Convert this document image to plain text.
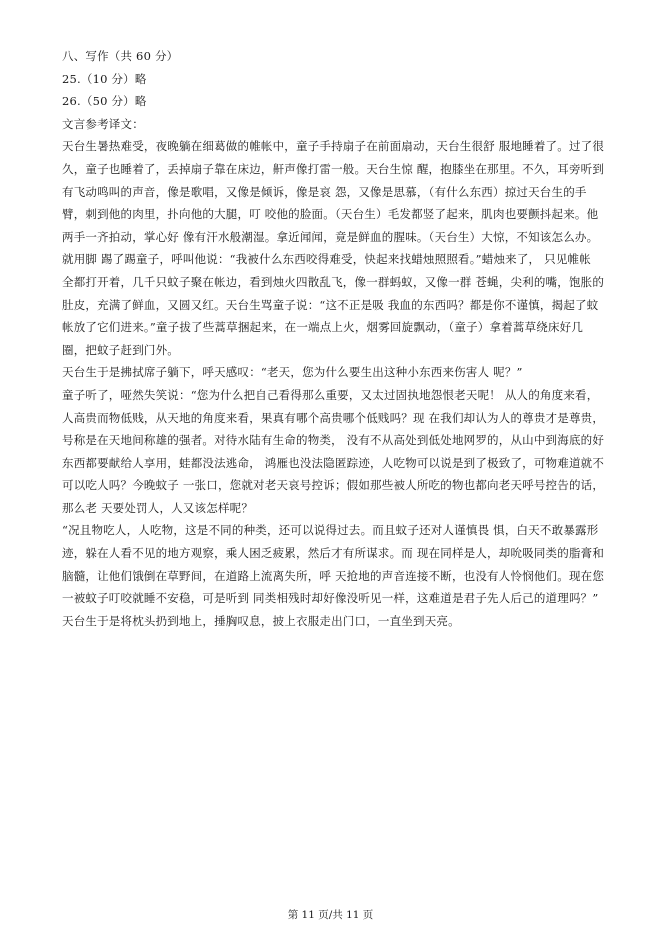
八、写作（共 60 分）
25.（10 分）略
26.（50 分）略
文言参考译文：
天台生暑热难受，夜晚躺在细葛做的帷帐中，童子手持扇子在前面扇动，天台生很舒 服地睡着了。过了很
久，童子也睡着了，丢掉扇子靠在床边，鼾声像打雷一般。天台生惊 醒，抱膝坐在那里。不久，耳旁听到
有飞动鸣叫的声音，像是歌唱，又像是倾诉，像是哀 怨，又像是思慕，（有什么东西）掠过天台生的手
臂，刺到他的肉里，扑向他的大腿，叮 咬他的脸面。（天台生）毛发都竖了起来，肌肉也要颤抖起来。他
两手一齐拍动，掌心好 像有汗水般潮湿。拿近闻闻，竟是鲜血的腥味。（天台生）大惊，不知该怎么办。
就用脚 踢了踢童子，呼叫他说：“我被什么东西咬得难受，快起来找蜡烛照照看。”蜡烛来了， 只见帷帐
全都打开着，几千只蚊子聚在帐边，看到烛火四散乱飞，像一群蚂蚁，又像一群 苍蝇，尖利的嘴，饱胀的
肚皮，充满了鲜血，又圆又红。天台生骂童子说：“这不正是吸 我血的东西吗？都是你不谨慎，揭起了蚊
帐放了它们进来。”童子拔了些蒿草捆起来，在一端点上火，烟雾回旋飘动，（童子）拿着蒿草绕床好几
圈，把蚊子赶到门外。
天台生于是拂拭席子躺下，呼天感叹：“老天，您为什么要生出这种小东西来伤害人 呢？”
童子听了，哑然失笑说：“您为什么把自己看得那么重要，又太过固执地怨恨老天呢！ 从人的角度来看，
人高贵而物低贱，从天地的角度来看，果真有哪个高贵哪个低贱吗？现 在我们却认为人的尊贵才是尊贵，
号称是在天地间称雄的强者。对待水陆有生命的物类， 没有不从高处到低处地网罗的，从山中到海底的好
东西都要献给人享用，蛙都没法逃命， 鸿雁也没法隐匿踪迹，人吃物可以说是到了极致了，可物难道就不
可以吃人吗？今晚蚊子 一张口，您就对老天哀号控诉；假如那些被人所吃的物也都向老天呼号控告的话，
那么老 天要处罚人，人又该怎样呢？
“况且物吃人，人吃物，这是不同的种类，还可以说得过去。而且蚊子还对人谨慎畏 惧，白天不敢暴露形
迹，躲在人看不见的地方观察，乘人困乏疲累，然后才有所谋求。而 现在同样是人，却吮吸同类的脂膏和
脑髓，让他们饿倒在草野间，在道路上流离失所，呼 天抢地的声音连接不断，也没有人怜悯他们。现在您
一被蚊子叮咬就睡不安稳，可是听到 同类相残时却好像没听见一样，这难道是君子先人后己的道理吗？”
天台生于是将枕头扔到地上，捶胸叹息，披上衣服走出门口，一直坐到天亮。
第 11 页/共 11 页
